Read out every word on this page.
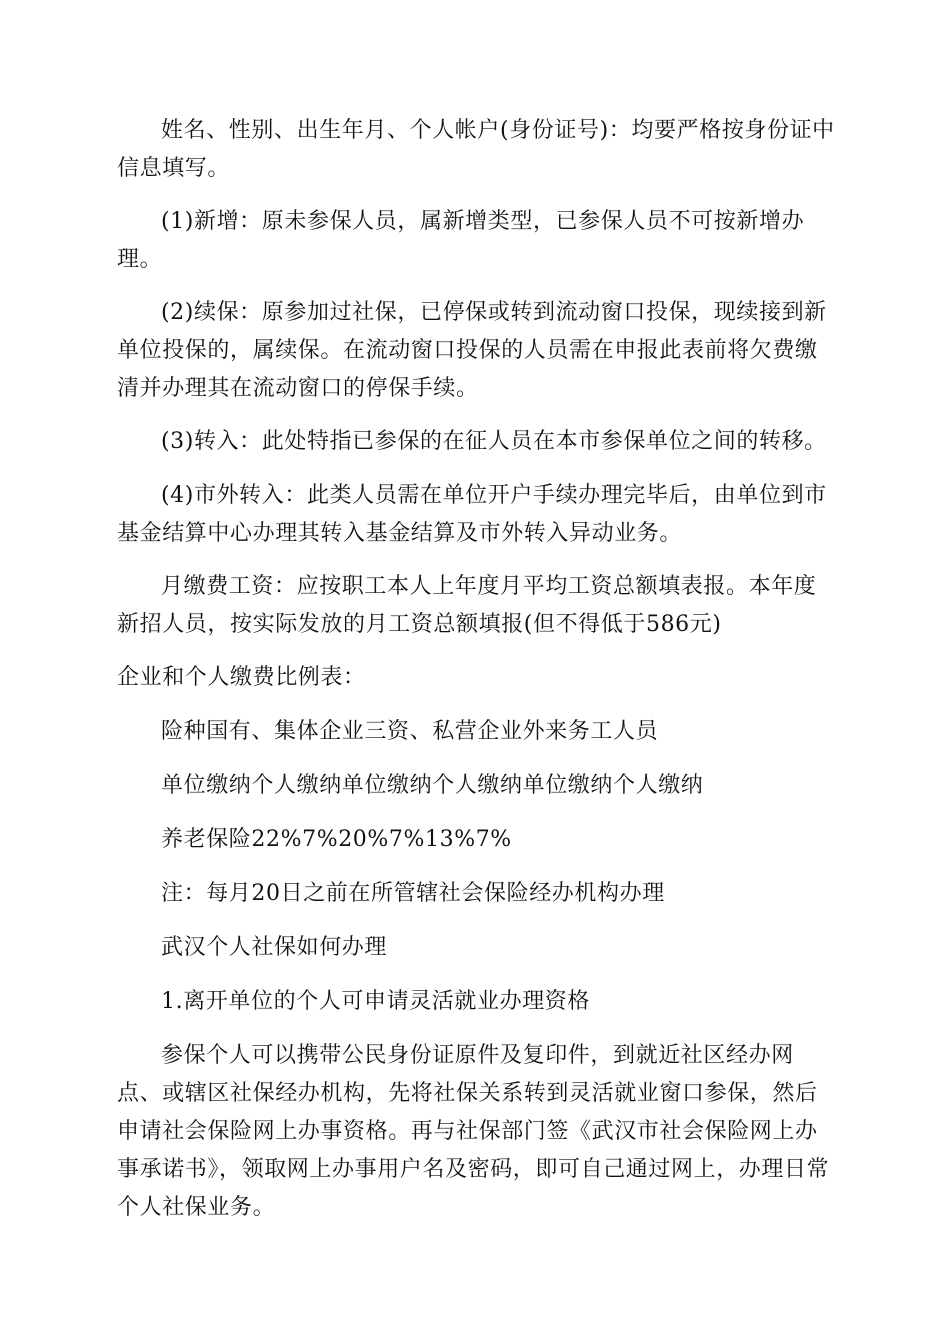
姓名、性别、出生年月、个人帐户(身份证号)：均要严格按身份证中信息填写。

(1)新增：原未参保人员，属新增类型，已参保人员不可按新增办理。

(2)续保：原参加过社保，已停保或转到流动窗口投保，现续接到新单位投保的，属续保。在流动窗口投保的人员需在申报此表前将欠费缴清并办理其在流动窗口的停保手续。

(3)转入：此处特指已参保的在征人员在本市参保单位之间的转移。

(4)市外转入：此类人员需在单位开户手续办理完毕后，由单位到市基金结算中心办理其转入基金结算及市外转入异动业务。

月缴费工资：应按职工本人上年度月平均工资总额填表报。本年度新招人员，按实际发放的月工资总额填报(但不得低于586元)

企业和个人缴费比例表：

险种国有、集体企业三资、私营企业外来务工人员

单位缴纳个人缴纳单位缴纳个人缴纳单位缴纳个人缴纳

养老保险22%7%20%7%13%7%

注：每月20日之前在所管辖社会保险经办机构办理

武汉个人社保如何办理

1.离开单位的个人可申请灵活就业办理资格

参保个人可以携带公民身份证原件及复印件，到就近社区经办网点、或辖区社保经办机构，先将社保关系转到灵活就业窗口参保，然后申请社会保险网上办事资格。再与社保部门签《武汉市社会保险网上办事承诺书》，领取网上办事用户名及密码，即可自己通过网上，办理日常个人社保业务。
